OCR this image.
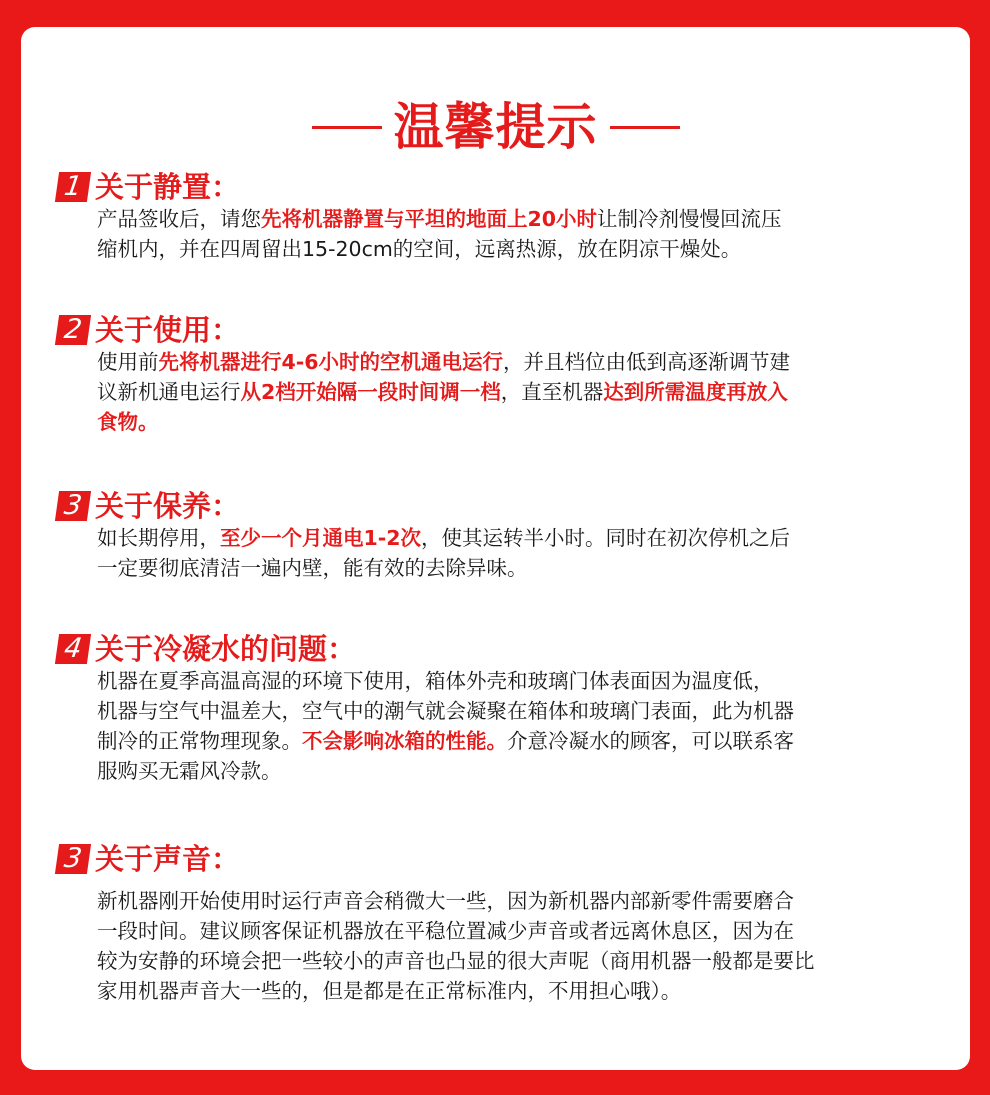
温馨提示
1 关于静置：
产品签收后，请您先将机器静置与平坦的地面上20小时让制冷剂慢慢回流压
缩机内，并在四周留出15-20cm的空间，远离热源，放在阴凉干燥处。
2 关于使用：
使用前先将机器进行4-6小时的空机通电运行，并且档位由低到高逐渐调节建
议新机通电运行从2档开始隔一段时间调一档，直至机器达到所需温度再放入
食物。
3 关于保养：
如长期停用，至少一个月通电1-2次，使其运转半小时。同时在初次停机之后
一定要彻底清洁一遍内壁，能有效的去除异味。
4 关于冷凝水的问题：
机器在夏季高温高湿的环境下使用，箱体外壳和玻璃门体表面因为温度低，
机器与空气中温差大，空气中的潮气就会凝聚在箱体和玻璃门表面，此为机器
制冷的正常物理现象。不会影响冰箱的性能。介意冷凝水的顾客，可以联系客
服购买无霜风冷款。
3 关于声音：
新机器刚开始使用时运行声音会稍微大一些，因为新机器内部新零件需要磨合
一段时间。建议顾客保证机器放在平稳位置减少声音或者远离休息区，因为在
较为安静的环境会把一些较小的声音也凸显的很大声呢（商用机器一般都是要比
家用机器声音大一些的，但是都是在正常标准内，不用担心哦）。
